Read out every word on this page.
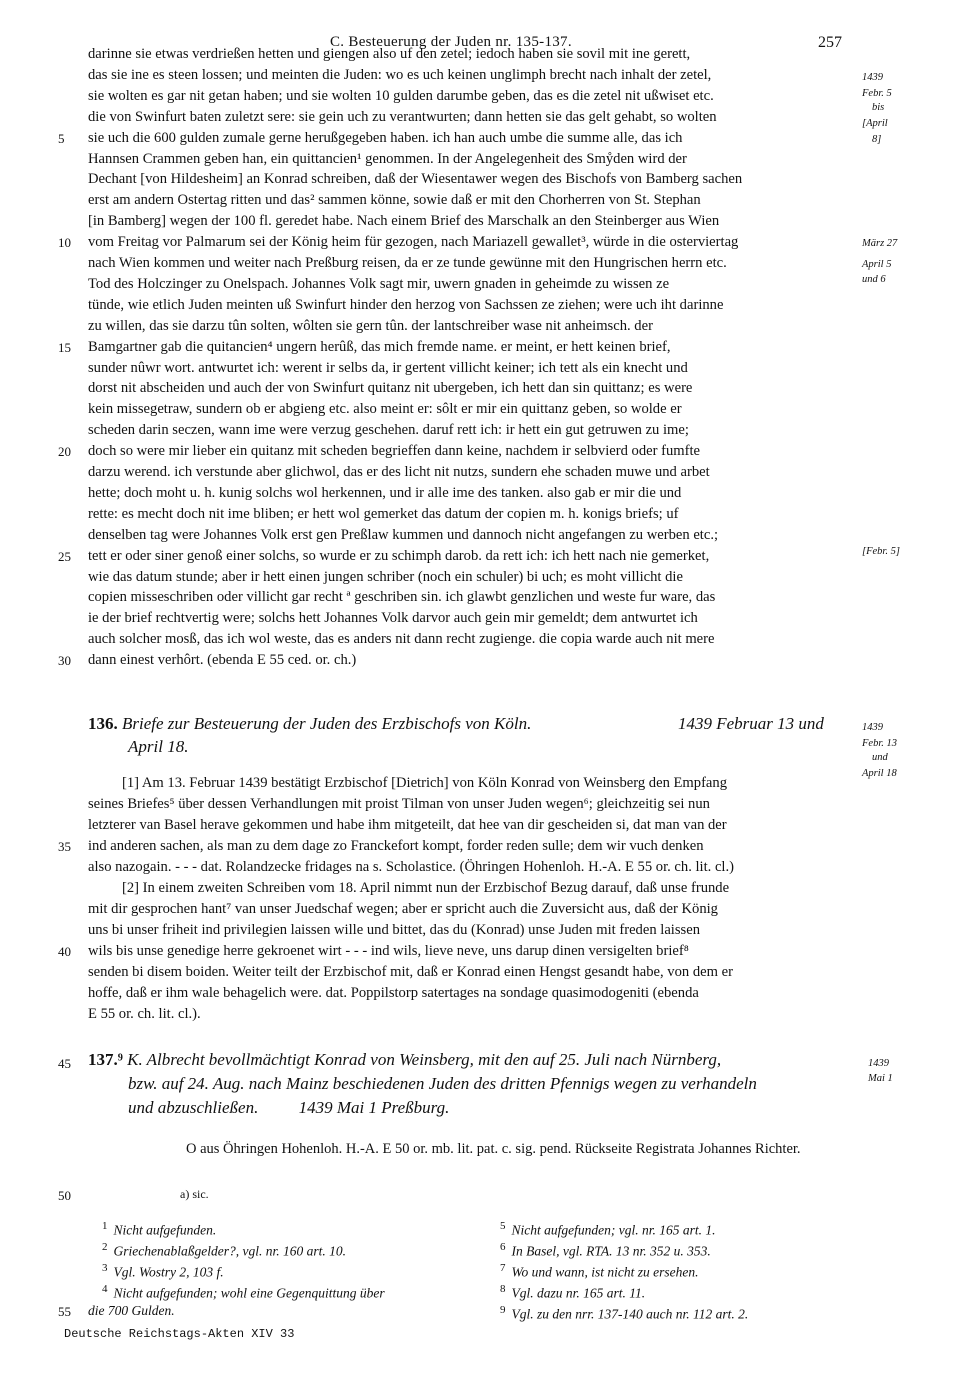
C. Besteuerung der Juden nr. 135-137.	257
darinne sie etwas verdrießen hetten und giengen also uf den zetel; iedoch haben sie sovil mit ine gerett,
das sie ine es steen lossen; und meinten die Juden: wo es uch keinen unglimph brecht nach inhalt der zetel,
sie wolten es gar nit getan haben; und sie wolten 10 gulden darumbe geben, das es die zetel nit ußwiset etc.
die von Swinfurt baten zuletzt sere: sie gein uch zu verantwurten; dann hetten sie das gelt gehabt, so wolten
sie uch die 600 gulden zumale gerne herußgegeben haben. ich han auch umbe die summe alle, das ich
Hannsen Crammen geben han, ein quittancien¹ genommen. In der Angelegenheit des Smẙden wird der
Dechant [von Hildesheim] an Konrad schreiben, daß der Wiesentawer wegen des Bischofs von Bamberg sachen
erst am andern Ostertag ritten und das² sammen könne, sowie daß er mit den Chorherren von St. Stephan
[in Bamberg] wegen der 100 fl. geredet habe. Nach einem Brief des Marschalk an den Steinberger aus Wien
vom Freitag vor Palmarum sei der König heim für gezogen, nach Mariazell gewallet³, würde in die osterviertag
nach Wien kommen und weiter nach Preßburg reisen, da er ze tunde gewünne mit den Hungrischen herrn etc.
Tod des Holczinger zu Onelspach. Johannes Volk sagt mir, uwern gnaden in geheimde zu wissen ze
tünde, wie etlich Juden meinten uß Swinfurt hinder den herzog von Sachssen ze ziehen; were uch iht darinne
zu willen, das sie darzu tûn solten, wôlten sie gern tûn. der lantschreiber wase nit anheimsch. der
Bamgartner gab die quitancien⁴ ungern herûß, das mich fremde name. er meint, er hett keinen brief,
sunder nûwr wort. antwurtet ich: werent ir selbs da, ir gertent villicht keiner; ich tett als ein knecht und
dorst nit abscheiden und auch der von Swinfurt quitanz nit ubergeben, ich hett dan sin quittanz; es were
kein missegetraw, sundern ob er abgieng etc. also meint er: sôlt er mir ein quittanz geben, so wolde er
scheden darin seczen, wann ime were verzug geschehen. daruf rett ich: ir hett ein gut getruwen zu ime;
doch so were mir lieber ein quitanz mit scheden begrieffen dann keine, nachdem ir selbvierd oder fumfte
darzu werend. ich verstunde aber glichwol, das er des licht nit nutzs, sundern ehe schaden muwe und arbet
hette; doch moht u. h. kunig solchs wol herkennen, und ir alle ime des tanken. also gab er mir die und
rette: es mecht doch nit ime bliben; er hett wol gemerket das datum der copien m. h. konigs briefs; uf
denselben tag were Johannes Volk erst gen Preßlaw kummen und dannoch nicht angefangen zu werben etc.;
tett er oder siner genoß einer solchs, so wurde er zu schimph darob. da rett ich: ich hett nach nie gemerket,
wie das datum stunde; aber ir hett einen jungen schriber (noch ein schuler) bi uch; es moht villicht die
copien misseschriben oder villicht gar recht ª geschriben sin. ich glawbt genzlichen und weste fur ware, das
ie der brief rechtvertig were; solchs hett Johannes Volk darvor auch gein mir gemeldt; dem antwurtet ich
auch solcher mosß, das ich wol weste, das es anders nit dann recht zugienge. die copia warde auch nit mere
dann einest verhôrt. (ebenda E 55 ced. or. ch.)
5
10
15
20
25
30
1439
Febr. 5
bis
[April
8]
März 27
April 5
und 6
[Febr. 5]
136. Briefe zur Besteuerung der Juden des Erzbischofs von Köln.	1439 Februar 13 und

April 18.
1439
Febr. 13
und
April 18
[1] Am 13. Februar 1439 bestätigt Erzbischof [Dietrich] von Köln Konrad von Weinsberg den Empfang
seines Briefes⁵ über dessen Verhandlungen mit proist Tilman von unser Juden wegen⁶; gleichzeitig sei nun
letzterer van Basel herave gekommen und habe ihm mitgeteilt, dat hee van dir gescheiden si, dat man van der
ind anderen sachen, als man zu dem dage zo Franckefort kompt, forder reden sulle; dem wir vuch denken
also nazogain. - - - dat. Rolandzecke fridages na s. Scholastice. (Öhringen Hohenloh. H.-A. E 55 or. ch. lit. cl.)
[2] In einem zweiten Schreiben vom 18. April nimmt nun der Erzbischof Bezug darauf, daß unse frunde
mit dir gesprochen hant⁷ van unser Juedschaf wegen; aber er spricht auch die Zuversicht aus, daß der König
uns bi unser friheit ind privilegien laissen wille und bittet, das du (Konrad) unse Juden mit freden laissen
wils bis unse genedige herre gekroenet wirt - - - ind wils, lieve neve, uns darup dinen versigelten brief⁸
senden bi disem boiden. Weiter teilt der Erzbischof mit, daß er Konrad einen Hengst gesandt habe, von dem er
hoffe, daß er ihm wale behagelich were. dat. Poppilstorp satertages na sondage quasimodogeniti (ebenda
E 55 or. ch. lit. cl.).
35
40
45 137.⁹ K. Albrecht bevollmächtigt Konrad von Weinsberg, mit den auf 25. Juli nach Nürnberg,
bzw. auf 24. Aug. nach Mainz beschiedenen Juden des dritten Pfennigs wegen zu verhandeln
und abzuschließen. 1439 Mai 1 Preßburg.
1439
Mai 1
O aus Öhringen Hohenloh. H.-A. E 50 or. mb. lit. pat. c. sig. pend. Rückseite Registrata Johannes Richter.
50	a) sic.
$^1$ Nicht aufgefunden.
$^2$ Griechenablaßgelder?, vgl. nr. 160 art. 10.
$^3$ Vgl. Wostry 2, 103 f.
$^4$ Nicht aufgefunden; wohl eine Gegenquittung über
die 700 Gulden.
$^5$ Nicht aufgefunden; vgl. nr. 165 art. 1.
$^6$ In Basel, vgl. RTA. 13 nr. 352 u. 353.
$^7$ Wo und wann, ist nicht zu ersehen.
$^8$ Vgl. dazu nr. 165 art. 11.
$^9$ Vgl. zu den nrr. 137-140 auch nr. 112 art. 2.
55
Deutsche Reichstags-Akten XIV 33
